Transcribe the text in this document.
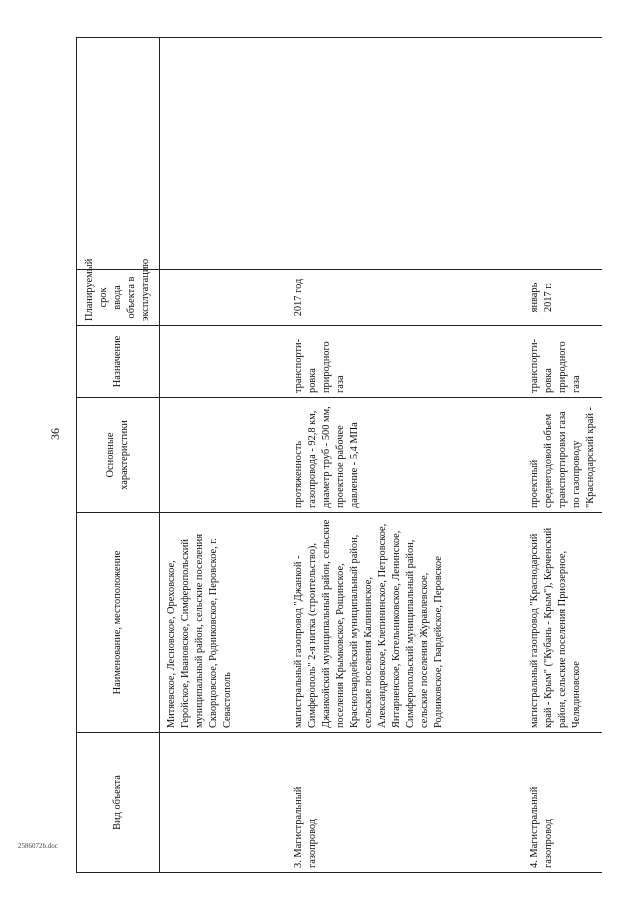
36
2586072b.doc
Вид объекта	Наименование, местоположение	Основные характеристики	Назначение	Планируемый срок ввода объекта в эксплуатацию	
	Митяевское, Лесновское, Ореховское, Геройское, Ивановское, Симферопольский муниципальный район, сельские поселения Скворцовское, Родниковское, Перовское, г. Севастополь				
3. Магистральный газопровод	магистральный газопровод "Джанкой - Симферополь" 2-я нитка (строительство), Джанкойский муниципальный район, сельские поселения Крымковское, Рощинское, Красногвардейский муниципальный район, сельские поселения Калининское, Александровское, Клепининское, Петровское, Янтарненское, Котельниковское, Ленинское, Симферопольский муниципальный район, сельские поселения Журавлевское, Родниковское, Гвардейское, Перовское	протяженность газопровода - 92,8 км, диаметр труб - 500 мм, проектное рабочее давление - 5,4 МПа	транспорти- ровка природного газа	2017 год	
4. Магистральный газопровод	магистральный газопровод "Краснодарский край - Крым" ("Кубань - Крым"), Керченский район, сельские поселения Приозерное, Челядиновское	проектный среднегодовой объем транспортировки газа по газопроводу "Краснодарский край -	транспорти- ровка природного газа	январь 2017 г.	
